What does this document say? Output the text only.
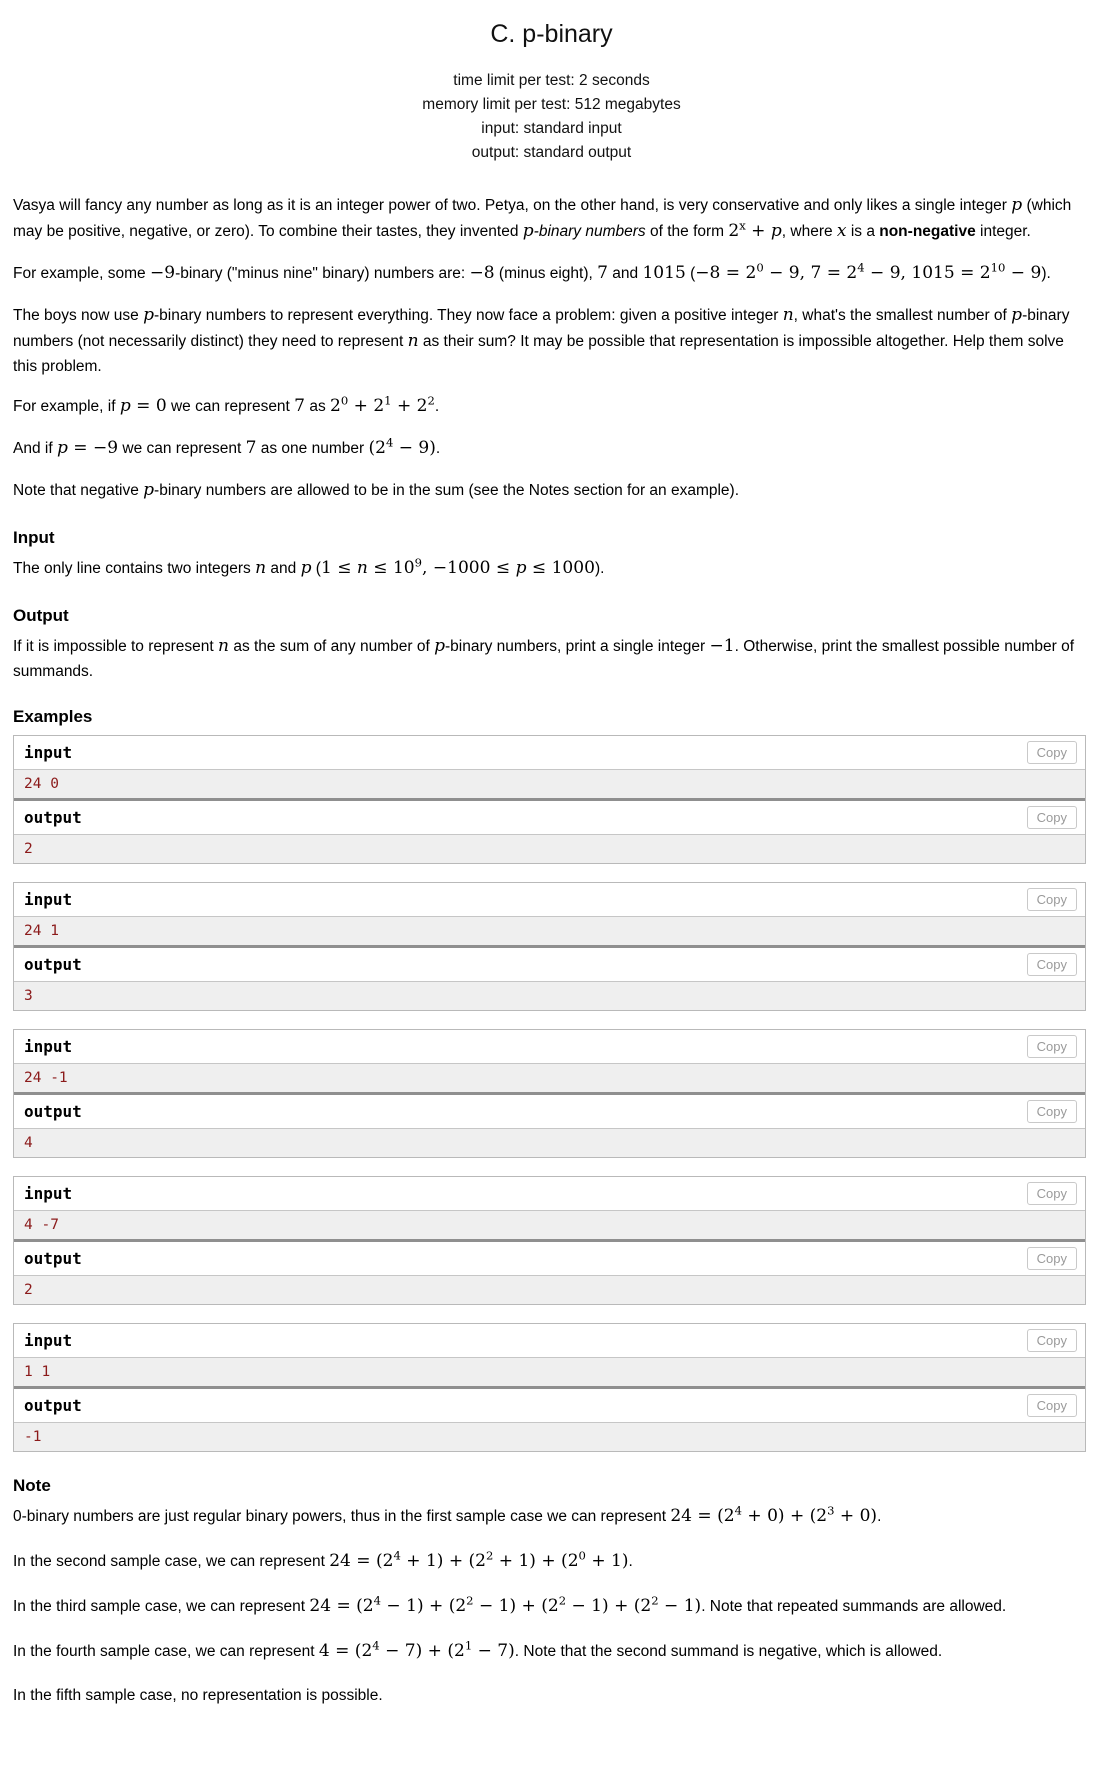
C. p-binary
time limit per test: 2 seconds
memory limit per test: 512 megabytes
input: standard input
output: standard output

Vasya will fancy any number as long as it is an integer power of two. Petya, on the other hand, is very conservative and only likes a single integer p (which may be positive, negative, or zero). To combine their tastes, they invented p-binary numbers of the form $2^x + p$, where x is a non-negative integer.

For example, some −9-binary ("minus nine" binary) numbers are: −8 (minus eight), 7 and 1015 ($-8 = 2^0 - 9$, $7 = 2^4 - 9$, $1015 = 2^{10} - 9$).

The boys now use p-binary numbers to represent everything. They now face a problem: given a positive integer n, what's the smallest number of p-binary numbers (not necessarily distinct) they need to represent n as their sum? It may be possible that representation is impossible altogether. Help them solve this problem.

For example, if p = 0 we can represent 7 as $2^0 + 2^1 + 2^2$.

And if p = −9 we can represent 7 as one number $(2^4 - 9)$.

Note that negative p-binary numbers are allowed to be in the sum (see the Notes section for an example).

Input

The only line contains two integers n and p ($1 \le n \le 10^9$, −1000 ≤ p ≤ 1000).

Output

If it is impossible to represent n as the sum of any number of p-binary numbers, print a single integer −1. Otherwise, print the smallest possible number of summands.

Examples
input	Copy
24 0
output	Copy
2
input	Copy
24 1
output	Copy
3
input	Copy
24 -1
output	Copy
4
input	Copy
4 -7
output	Copy
2
input	Copy
1 1
output	Copy
-1
Note

0-binary numbers are just regular binary powers, thus in the first sample case we can represent $24 = (2^4 + 0) + (2^3 + 0)$.

In the second sample case, we can represent $24 = (2^4 + 1) + (2^2 + 1) + (2^0 + 1)$.

In the third sample case, we can represent $24 = (2^4 - 1) + (2^2 - 1) + (2^2 - 1) + (2^2 - 1)$. Note that repeated summands are allowed.

In the fourth sample case, we can represent $4 = (2^4 - 7) + (2^1 - 7)$. Note that the second summand is negative, which is allowed.

In the fifth sample case, no representation is possible.
